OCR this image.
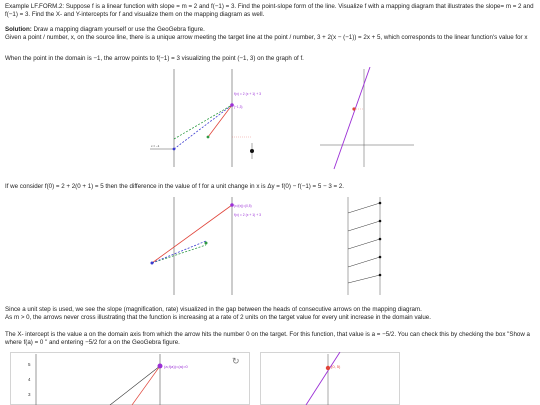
Example LF.FORM.2: Suppose f is a linear function with slope = m = 2 and f(−1) = 3. Find the point-slope form of the line. Visualize f with a mapping diagram that illustrates the slope= m = 2 and f(−1) = 3. Find the X- and Y-intercepts for f and visualize them on the mapping diagram as well.
Solution: Draw a mapping diagram yourself or use the GeoGebra figure.
Given a point / number, x, on the source line, there is a unique arrow meeting the target line at the point / number, 3 + 2(x − (−1)) = 2x + 5, which corresponds to the linear function's value for x
When the point in the domain is −1, the arrow points to f(−1) = 3 visualizing the point (−1, 3) on the graph of f.
f(x) = 2 (x + 1) + 3
(−1,3)
x = −1
If we consider f(0) = 2 + 2(0 + 1) = 5 then the difference in the value of f for a unit change in x is Δy = f(0) − f(−1) = 5 − 3 = 2.
(x,f(x))=(0,5)
f(x) = 2 (x + 1) + 3
Since a unit step is used, we see the slope (magnification, rate) visualized in the gap between the heads of consecutive arrows on the mapping diagram.
As m > 0, the arrows never cross illustrating that the function is increasing at a rate of 2 units on the target value for every unit increase in the domain value.
The X- intercept is the value a on the domain axis from which the arrow hits the number 0 on the target. For this function, that value is a = −5/2. You can check this by checking the box "Show a where f(a) = 0 " and entering −5/2 for a on the GeoGebra figure.
5
4
3
(a,f(a))=(a)=0
↻
(0, 5)
